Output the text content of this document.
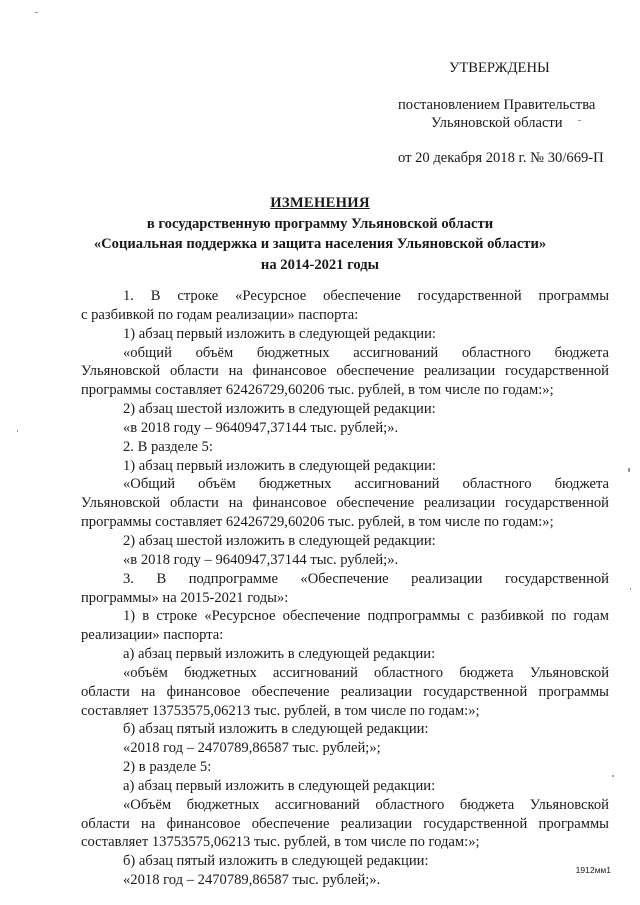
УТВЕРЖДЕНЫ
постановлением Правительства
Ульяновской области
от 20 декабря 2018 г. № 30/669-П
ИЗМЕНЕНИЯ
в государственную программу Ульяновской области
«Социальная поддержка и защита населения Ульяновской области»
на 2014-2021 годы
1. В строке «Ресурсное обеспечение государственной программы
с разбивкой по годам реализации» паспорта:
1) абзац первый изложить в следующей редакции:
«общий объём бюджетных ассигнований областного бюджета
Ульяновской области на финансовое обеспечение реализации государственной
программы составляет 62426729,60206 тыс. рублей, в том числе по годам:»;
2) абзац шестой изложить в следующей редакции:
«в 2018 году – 9640947,37144 тыс. рублей;».
2. В разделе 5:
1) абзац первый изложить в следующей редакции:
«Общий объём бюджетных ассигнований областного бюджета
Ульяновской области на финансовое обеспечение реализации государственной
программы составляет 62426729,60206 тыс. рублей, в том числе по годам:»;
2) абзац шестой изложить в следующей редакции:
«в 2018 году – 9640947,37144 тыс. рублей;».
3. В подпрограмме «Обеспечение реализации государственной
программы» на 2015-2021 годы»:
1) в строке «Ресурсное обеспечение подпрограммы с разбивкой по годам
реализации» паспорта:
а) абзац первый изложить в следующей редакции:
«объём бюджетных ассигнований областного бюджета Ульяновской
области на финансовое обеспечение реализации государственной программы
составляет 13753575,06213 тыс. рублей, в том числе по годам:»;
б) абзац пятый изложить в следующей редакции:
«2018 год – 2470789,86587 тыс. рублей;»;
2) в разделе 5:
а) абзац первый изложить в следующей редакции:
«Объём бюджетных ассигнований областного бюджета Ульяновской
области на финансовое обеспечение реализации государственной программы
составляет 13753575,06213 тыс. рублей, в том числе по годам:»;
б) абзац пятый изложить в следующей редакции:
«2018 год – 2470789,86587 тыс. рублей;».
1912мм1
